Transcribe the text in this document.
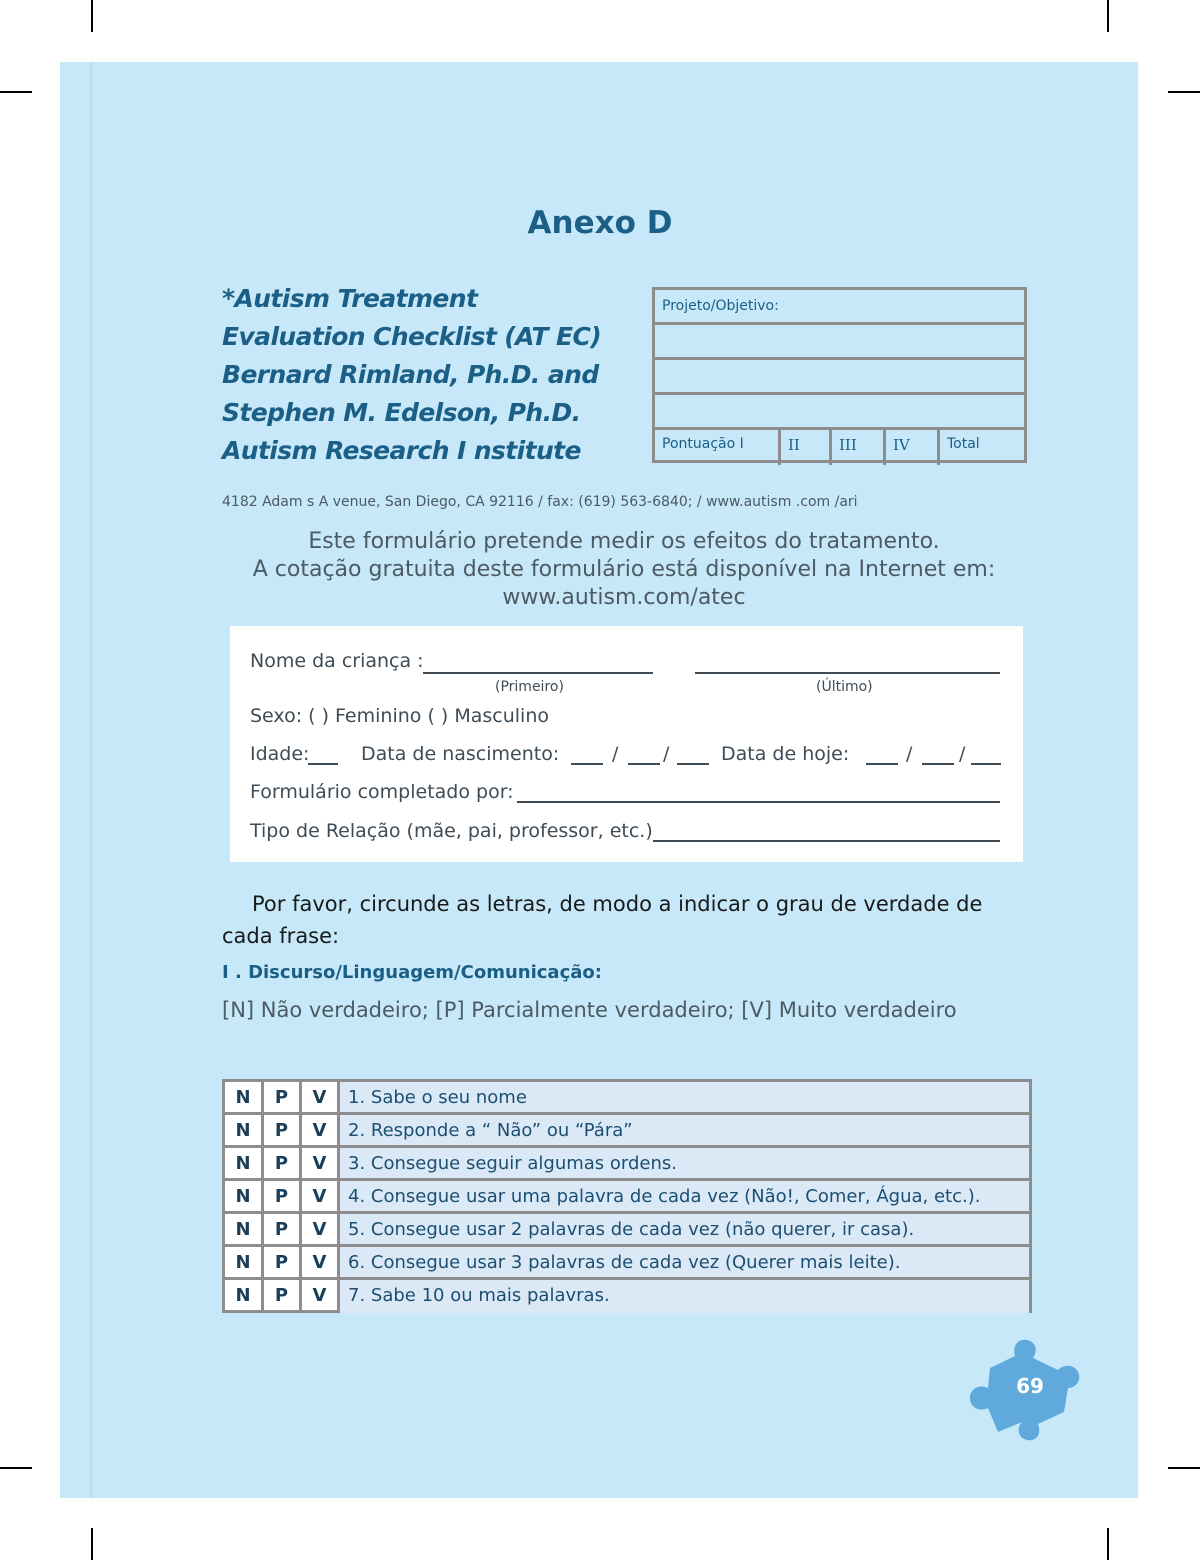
Anexo D
*Autism Treatment
Evaluation Checklist (AT EC)
Bernard Rimland, Ph.D. and
Stephen M. Edelson, Ph.D.
Autism Research I nstitute
Projeto/Objetivo:
Pontuação I	II	III	IV	Total
4182 Adam s A venue, San Diego, CA 92116 / fax: (619) 563-6840; / www.autism .com /ari
Este formulário pretende medir os efeitos do tratamento.
A cotação gratuita deste formulário está disponível na Internet em:
www.autism.com/atec
Nome da criança :
(Primeiro)	(Último)
Sexo: ( ) Feminino ( ) Masculino
Idade:	Data de nascimento:	/ /	Data de hoje:	/ /
Formulário completado por:
Tipo de Relação (mãe, pai, professor, etc.)
Por favor, circunde as letras, de modo a indicar o grau de verdade de cada frase:
I . Discurso/Linguagem/Comunicação:
[N] Não verdadeiro; [P] Parcialmente verdadeiro; [V] Muito verdadeiro
N	P	V	1. Sabe o seu nome
N	P	V	2. Responde a “ Não” ou “Pára”
N	P	V	3. Consegue seguir algumas ordens.
N	P	V	4. Consegue usar uma palavra de cada vez (Não!, Comer, Água, etc.).
N	P	V	5. Consegue usar 2 palavras de cada vez (não querer, ir casa).
N	P	V	6. Consegue usar 3 palavras de cada vez (Querer mais leite).
N	P	V	7. Sabe 10 ou mais palavras.
69
